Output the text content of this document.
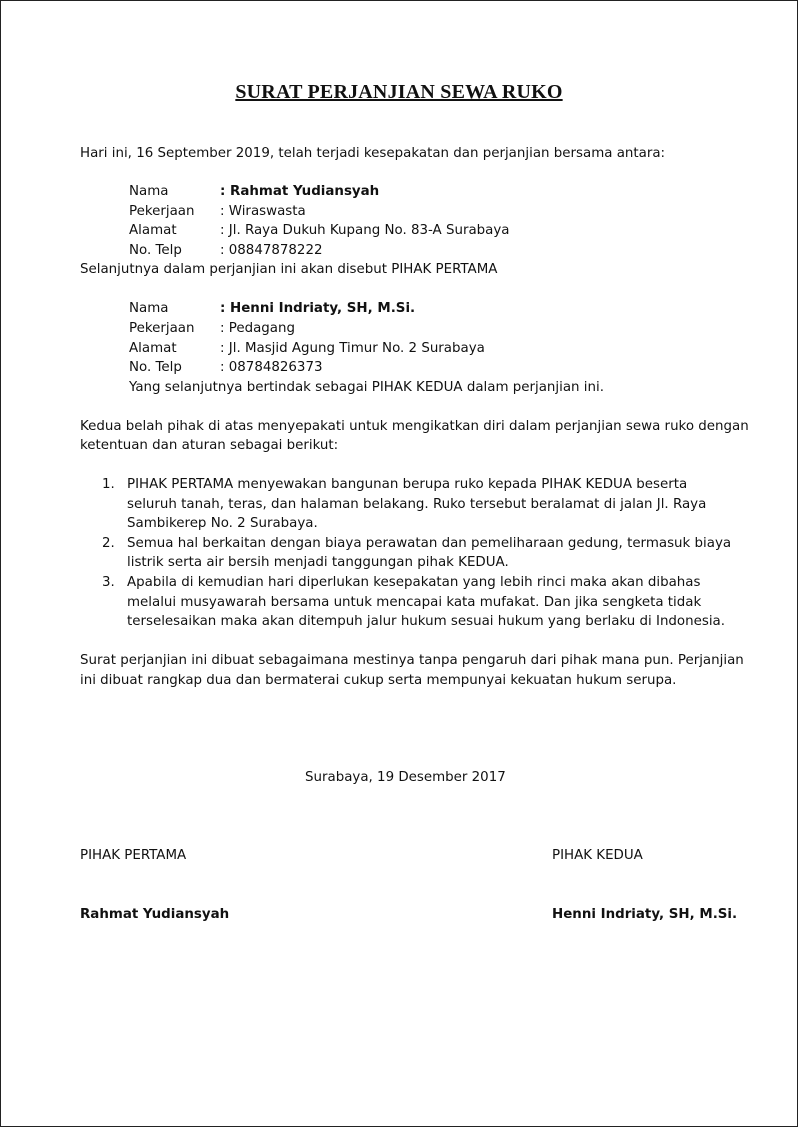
SURAT PERJANJIAN SEWA RUKO
Hari ini, 16 September 2019, telah terjadi kesepakatan dan perjanjian bersama antara:
Nama	: Rahmat Yudiansyah
Pekerjaan : Wiraswasta
Alamat	: Jl. Raya Dukuh Kupang No. 83-A Surabaya
No. Telp	: 08847878222
Selanjutnya dalam perjanjian ini akan disebut PIHAK PERTAMA
Nama	: Henni Indriaty, SH, M.Si.
Pekerjaan : Pedagang
Alamat	: Jl. Masjid Agung Timur No. 2 Surabaya
No. Telp	: 08784826373
Yang selanjutnya bertindak sebagai PIHAK KEDUA dalam perjanjian ini.
Kedua belah pihak di atas menyepakati untuk mengikatkan diri dalam perjanjian sewa ruko dengan
ketentuan dan aturan sebagai berikut:
1. PIHAK PERTAMA menyewakan bangunan berupa ruko kepada PIHAK KEDUA beserta
seluruh tanah, teras, dan halaman belakang. Ruko tersebut beralamat di jalan Jl. Raya
Sambikerep No. 2 Surabaya.
2. Semua hal berkaitan dengan biaya perawatan dan pemeliharaan gedung, termasuk biaya
listrik serta air bersih menjadi tanggungan pihak KEDUA.
3. Apabila di kemudian hari diperlukan kesepakatan yang lebih rinci maka akan dibahas
melalui musyawarah bersama untuk mencapai kata mufakat. Dan jika sengketa tidak
terselesaikan maka akan ditempuh jalur hukum sesuai hukum yang berlaku di Indonesia.
Surat perjanjian ini dibuat sebagaimana mestinya tanpa pengaruh dari pihak mana pun. Perjanjian
ini dibuat rangkap dua dan bermaterai cukup serta mempunyai kekuatan hukum serupa.
Surabaya, 19 Desember 2017
PIHAK PERTAMA	PIHAK KEDUA
Rahmat Yudiansyah	Henni Indriaty, SH, M.Si.
